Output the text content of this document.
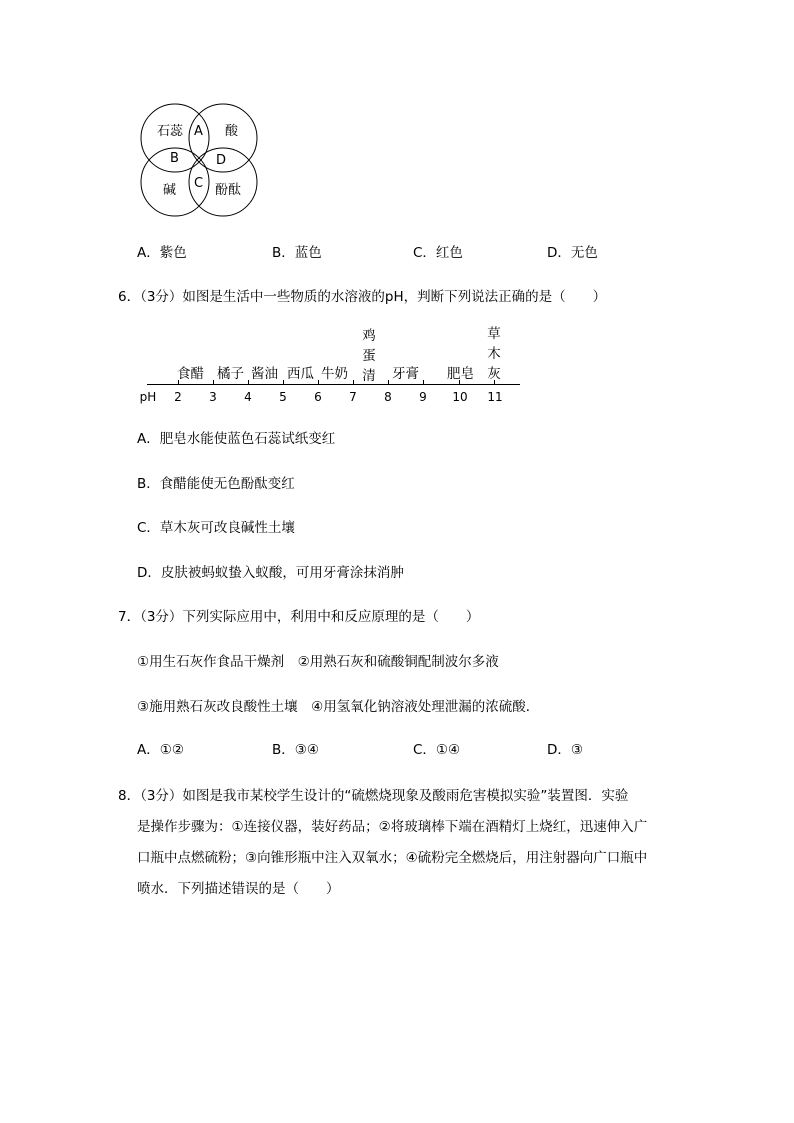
石蕊	酸
碱	酚酞
A
B
C
D
A．紫色	B．蓝色	C．红色	D．无色
6．（3分）如图是生活中一些物质的水溶液的pH，判断下列说法正确的是（　　）
pH	2	3	4	5	6	7	8	9	10 11
食醋 橘子 酱油 西瓜 牛奶	牙膏 肥皂
鸡
蛋
清
草
木
灰
A．肥皂水能使蓝色石蕊试纸变红
B．食醋能使无色酚酞变红
C．草木灰可改良碱性土壤
D．皮肤被蚂蚁蛰入蚁酸，可用牙膏涂抹消肿
7．（3分）下列实际应用中，利用中和反应原理的是（　　）
①用生石灰作食品干燥剂　②用熟石灰和硫酸铜配制波尔多液
③施用熟石灰改良酸性土壤　④用氢氧化钠溶液处理泄漏的浓硫酸．
A．①②	B．③④	C．①④	D．③
8．（3分）如图是我市某校学生设计的“硫燃烧现象及酸雨危害模拟实验”装置图．实验
是操作步骤为：①连接仪器，装好药品；②将玻璃棒下端在酒精灯上烧红，迅速伸入广
口瓶中点燃硫粉；③向锥形瓶中注入双氧水；④硫粉完全燃烧后，用注射器向广口瓶中
喷水．下列描述错误的是（　　）
